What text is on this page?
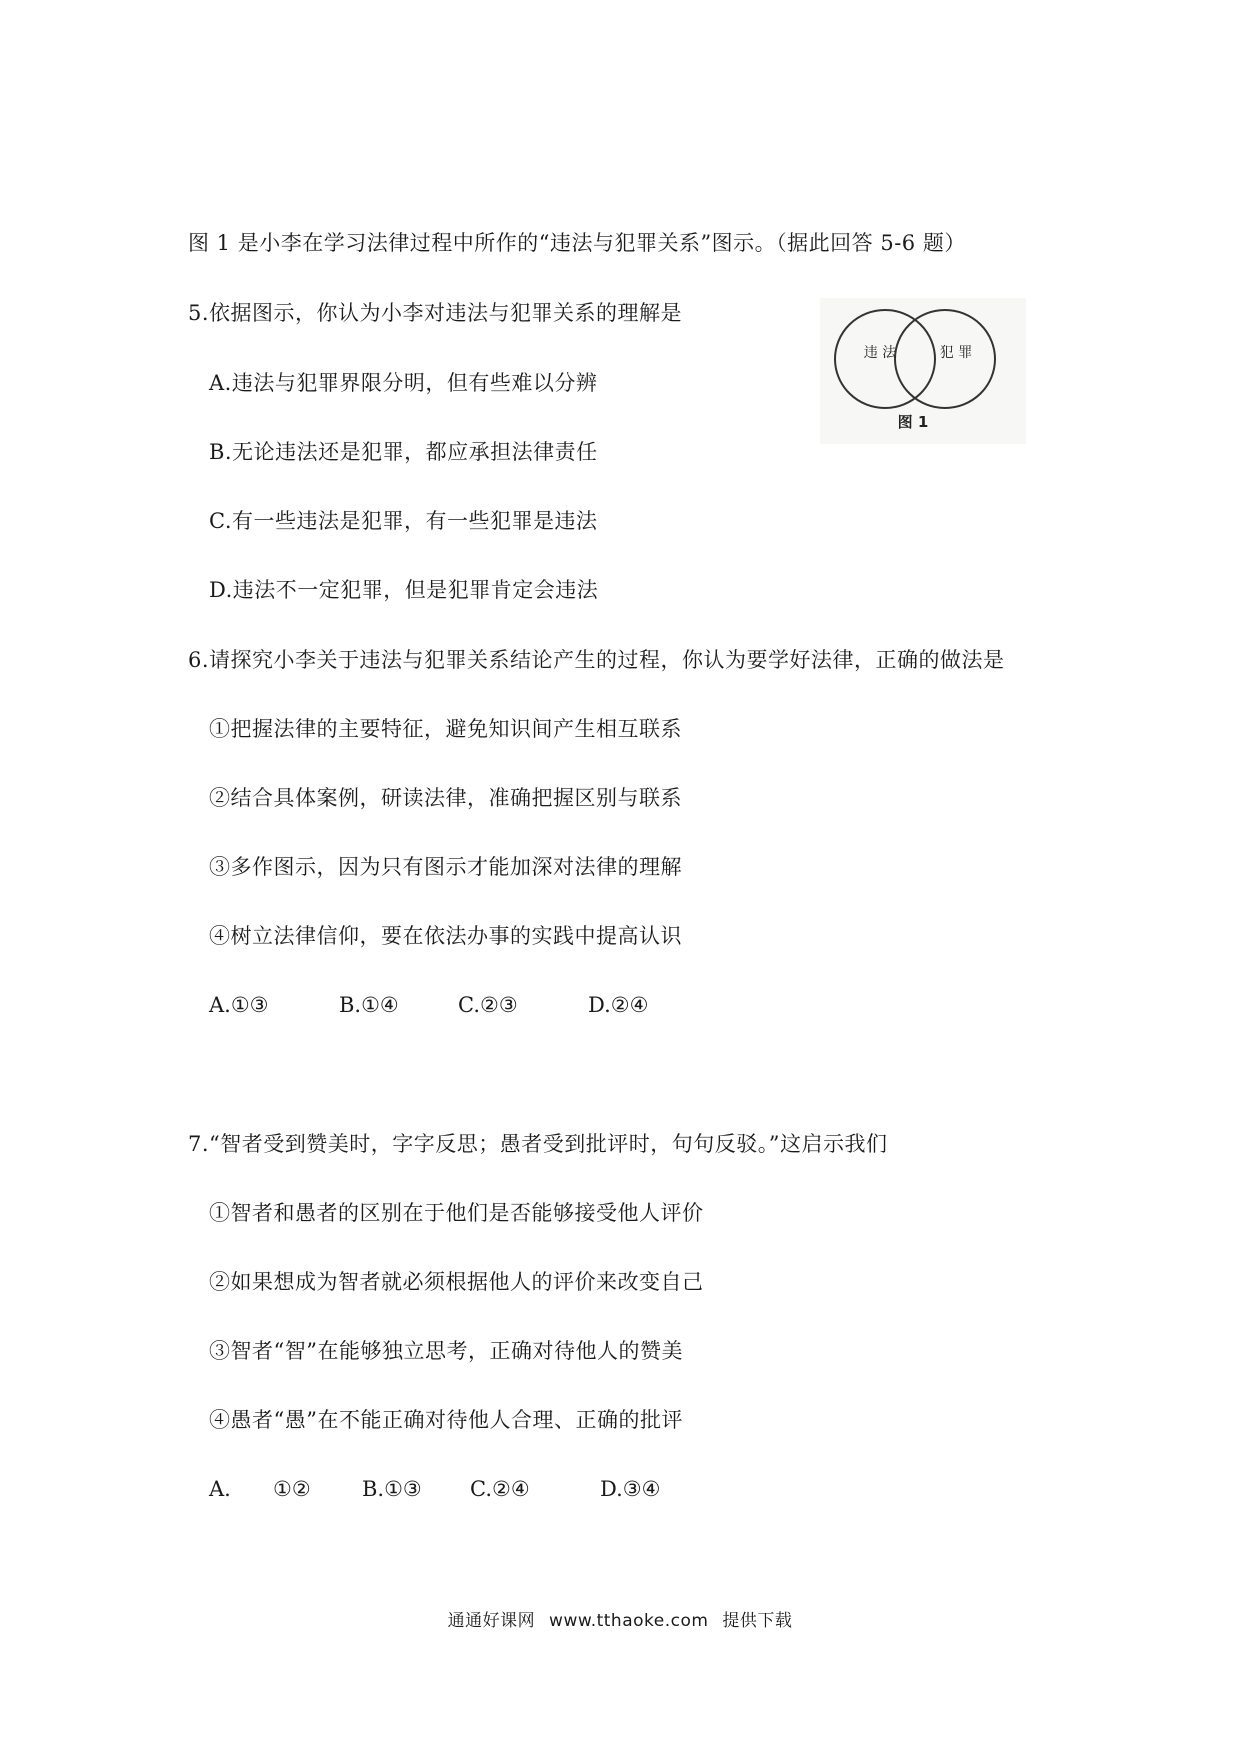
图 1 是小李在学习法律过程中所作的“违法与犯罪关系”图示。（据此回答 5-6 题）
5.依据图示，你认为小李对违法与犯罪关系的理解是
A.违法与犯罪界限分明，但有些难以分辨
B.无论违法还是犯罪，都应承担法律责任
C.有一些违法是犯罪，有一些犯罪是违法
D.违法不一定犯罪，但是犯罪肯定会违法
违 法	犯 罪
图 1
6.请探究小李关于违法与犯罪关系结论产生的过程，你认为要学好法律，正确的做法是
①把握法律的主要特征，避免知识间产生相互联系
②结合具体案例，研读法律，准确把握区别与联系
③多作图示，因为只有图示才能加深对法律的理解
④树立法律信仰，要在依法办事的实践中提高认识
A.①③	B.①④	C.②③	D.②④
7.“智者受到赞美时，字字反思；愚者受到批评时，句句反驳。”这启示我们
①智者和愚者的区别在于他们是否能够接受他人评价
②如果想成为智者就必须根据他人的评价来改变自己
③智者“智”在能够独立思考，正确对待他人的赞美
④愚者“愚”在不能正确对待他人合理、正确的批评
A. ①② B.①③ C.②④	D.③④
通通好课网 www.tthaoke.com 提供下载
